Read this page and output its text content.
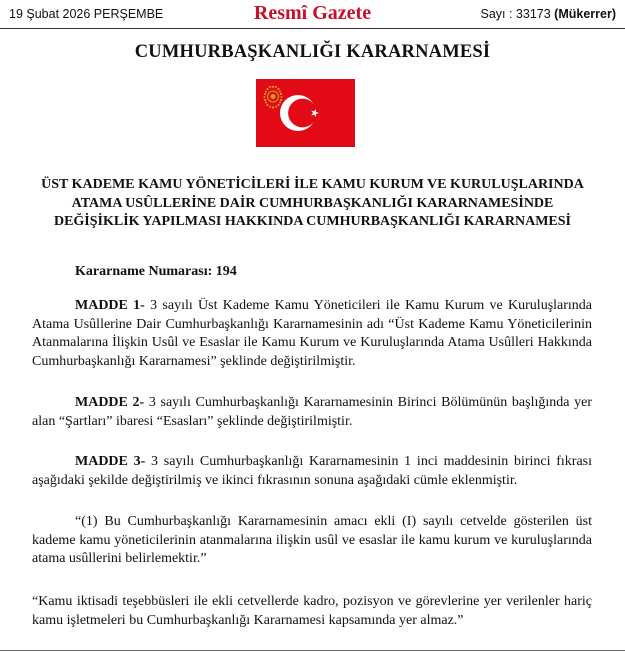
19 Şubat 2026 PERŞEMBE	Resmî Gazete	Sayı : 33173 (Mükerrer)
CUMHURBAŞKANLIĞI KARARNAMESİ
ÜST KADEME KAMU YÖNETİCİLERİ İLE KAMU KURUM VE KURULUŞLARINDA ATAMA USÛLLERİNE DAİR CUMHURBAŞKANLIĞI KARARNAMESİNDE DEĞİŞİKLİK YAPILMASI HAKKINDA CUMHURBAŞKANLIĞI KARARNAMESİ
Kararname Numarası: 194

MADDE 1- 3 sayılı Üst Kademe Kamu Yöneticileri ile Kamu Kurum ve Kuruluşlarında Atama Usûllerine Dair Cumhurbaşkanlığı Kararnamesinin adı “Üst Kademe Kamu Yöneticilerinin Atanmalarına İlişkin Usûl ve Esaslar ile Kamu Kurum ve Kuruluşlarında Atama Usûlleri Hakkında Cumhurbaşkanlığı Kararnamesi” şeklinde değiştirilmiştir.

MADDE 2- 3 sayılı Cumhurbaşkanlığı Kararnamesinin Birinci Bölümünün başlığında yer alan “Şartları” ibaresi “Esasları” şeklinde değiştirilmiştir.

MADDE 3- 3 sayılı Cumhurbaşkanlığı Kararnamesinin 1 inci maddesinin birinci fıkrası aşağıdaki şekilde değiştirilmiş ve ikinci fıkrasının sonuna aşağıdaki cümle eklenmiştir.

“(1) Bu Cumhurbaşkanlığı Kararnamesinin amacı ekli (I) sayılı cetvelde gösterilen üst kademe kamu yöneticilerinin atanmalarına ilişkin usûl ve esaslar ile kamu kurum ve kuruluşlarında atama usûllerini belirlemektir.”

“Kamu iktisadi teşebbüsleri ile ekli cetvellerde kadro, pozisyon ve görevlerine yer verilenler hariç kamu işletmeleri bu Cumhurbaşkanlığı Kararnamesi kapsamında yer almaz.”
